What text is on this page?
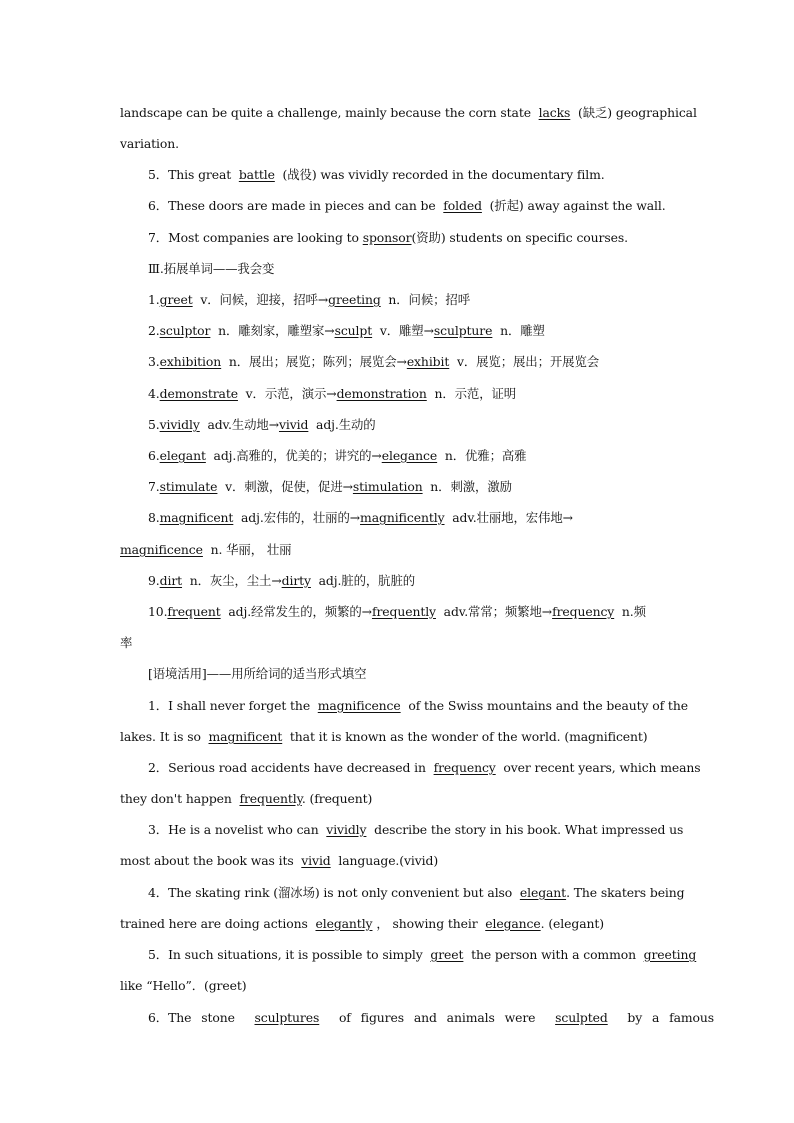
landscape can be quite a challenge, mainly because the corn state lacks (缺乏) geographical
variation.
5．This great battle (战役) was vividly recorded in the documentary film.
6．These doors are made in pieces and can be folded (折起) away against the wall.
7．Most companies are looking to sponsor(资助) students on specific courses.
Ⅲ.拓展单词——我会变
1.greet v．问候，迎接，招呼→greeting n．问候；招呼
2.sculptor n．雕刻家，雕塑家→sculpt v．雕塑→sculpture n．雕塑
3.exhibition n．展出；展览；陈列；展览会→exhibit v．展览；展出；开展览会
4.demonstrate v．示范，演示→demonstration n．示范，证明
5.vividly adv.生动地→vivid adj.生动的
6.elegant adj.高雅的，优美的；讲究的→elegance n．优雅；高雅
7.stimulate v．刺激，促使，促进→stimulation n．刺激，激励
8.magnificent adj.宏伟的，壮丽的→magnificently adv.壮丽地，宏伟地→
magnificence n. 华丽， 壮丽
9.dirt n．灰尘，尘土→dirty adj.脏的，肮脏的
10.frequent adj.经常发生的，频繁的→frequently adv.常常；频繁地→frequency n.频
率
[语境活用]——用所给词的适当形式填空
1．I shall never forget the magnificence of the Swiss mountains and the beauty of the
lakes. It is so magnificent that it is known as the wonder of the world. (magnificent)
2．Serious road accidents have decreased in frequency over recent years, which means
they don't happen frequently. (frequent)
3．He is a novelist who can vividly describe the story in his book. What impressed us
most about the book was its vivid language.(vivid)
4．The skating rink (溜冰场) is not only convenient but also elegant. The skaters being
trained here are doing actions elegantly ， showing their elegance. (elegant)
5．In such situations, it is possible to simply greet the person with a common greeting
like “Hello”．(greet)
6．The stone sculptures of figures and animals were sculpted by a famous
